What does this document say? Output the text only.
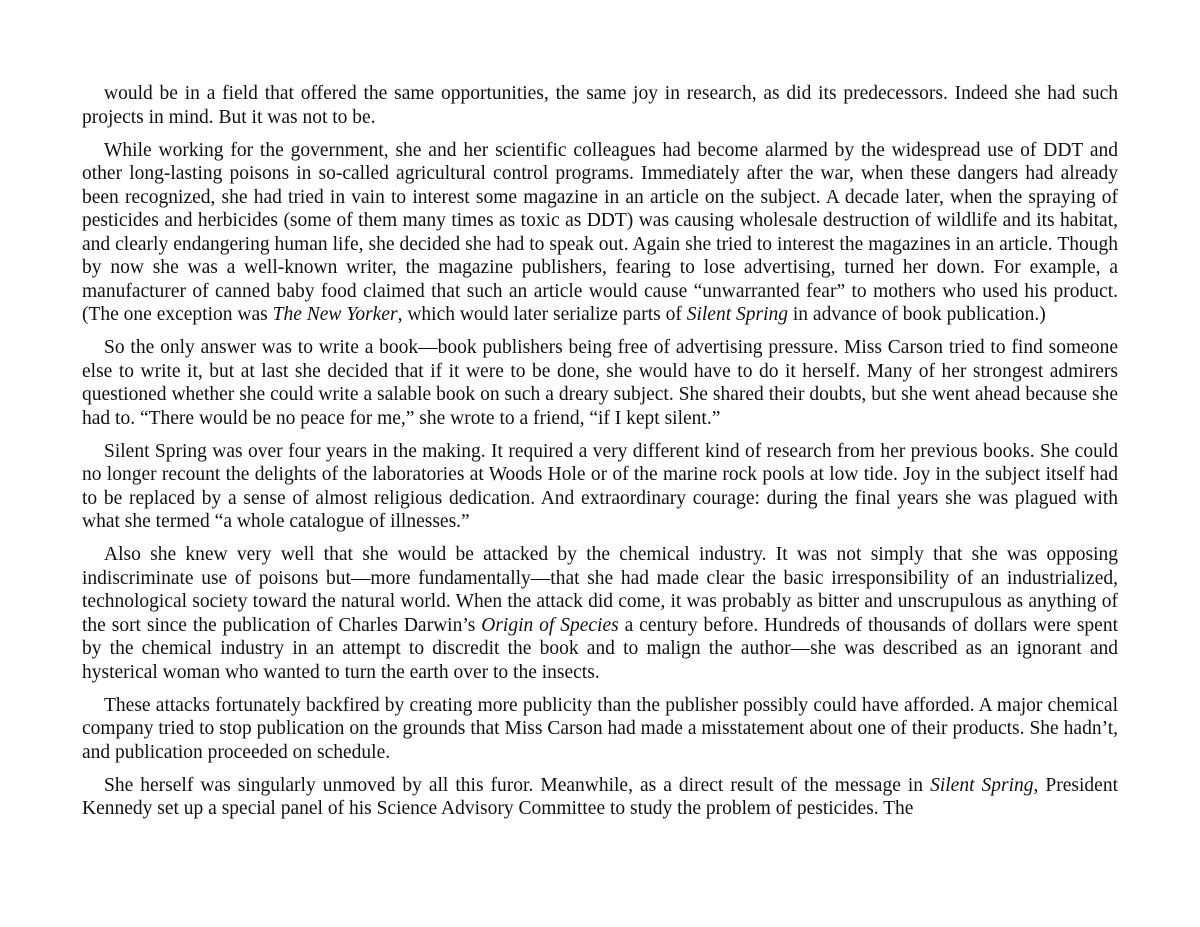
would be in a field that offered the same opportunities, the same joy in research, as did its predecessors. Indeed she had such projects in mind. But it was not to be.

While working for the government, she and her scientific colleagues had become alarmed by the widespread use of DDT and other long-lasting poisons in so-called agricultural control programs. Immediately after the war, when these dangers had already been recognized, she had tried in vain to interest some magazine in an article on the subject. A decade later, when the spraying of pesticides and herbicides (some of them many times as toxic as DDT) was causing wholesale destruction of wildlife and its habitat, and clearly endangering human life, she decided she had to speak out. Again she tried to interest the magazines in an article. Though by now she was a well-known writer, the magazine publishers, fearing to lose advertising, turned her down. For example, a manufacturer of canned baby food claimed that such an article would cause “unwarranted fear” to mothers who used his product. (The one exception was The New Yorker, which would later serialize parts of Silent Spring in advance of book publication.)

So the only answer was to write a book—book publishers being free of advertising pressure. Miss Carson tried to find someone else to write it, but at last she decided that if it were to be done, she would have to do it herself. Many of her strongest admirers questioned whether she could write a salable book on such a dreary subject. She shared their doubts, but she went ahead because she had to. “There would be no peace for me,” she wrote to a friend, “if I kept silent.”

Silent Spring was over four years in the making. It required a very different kind of research from her previous books. She could no longer recount the delights of the laboratories at Woods Hole or of the marine rock pools at low tide. Joy in the subject itself had to be replaced by a sense of almost religious dedication. And extraordinary courage: during the final years she was plagued with what she termed “a whole catalogue of illnesses.”

Also she knew very well that she would be attacked by the chemical industry. It was not simply that she was opposing indiscriminate use of poisons but—more fundamentally—that she had made clear the basic irresponsibility of an industrialized, technological society toward the natural world. When the attack did come, it was probably as bitter and unscrupulous as anything of the sort since the publication of Charles Darwin’s Origin of Species a century before. Hundreds of thousands of dollars were spent by the chemical industry in an attempt to discredit the book and to malign the author—she was described as an ignorant and hysterical woman who wanted to turn the earth over to the insects.

These attacks fortunately backfired by creating more publicity than the publisher possibly could have afforded. A major chemical company tried to stop publication on the grounds that Miss Carson had made a misstatement about one of their products. She hadn’t, and publication proceeded on schedule.

She herself was singularly unmoved by all this furor. Meanwhile, as a direct result of the message in Silent Spring, President Kennedy set up a special panel of his Science Advisory Committee to study the problem of pesticides. The
